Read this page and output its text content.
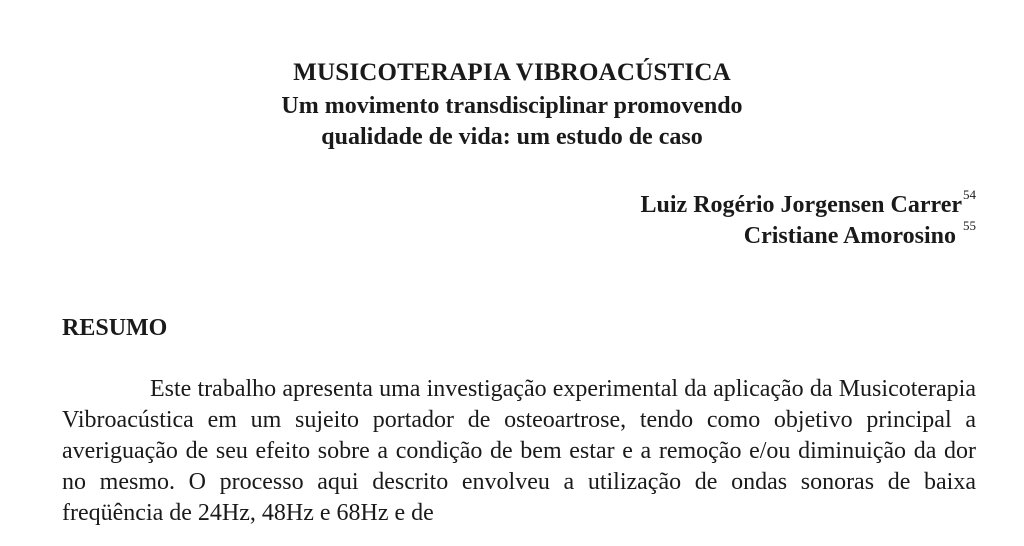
MUSICOTERAPIA VIBROACÚSTICA
Um movimento transdisciplinar promovendo
qualidade de vida: um estudo de caso
Luiz Rogério Jorgensen Carrer$^{54}$
Cristiane Amorosino $^{55}$
RESUMO

Este trabalho apresenta uma investigação experimental da aplicação da Musicoterapia Vibroacústica em um sujeito portador de osteoartrose, tendo como objetivo principal a averiguação de seu efeito sobre a condição de bem estar e a remoção e/ou diminuição da dor no mesmo. O processo aqui descrito envolveu a utilização de ondas sonoras de baixa freqüência de 24Hz, 48Hz e 68Hz e de
